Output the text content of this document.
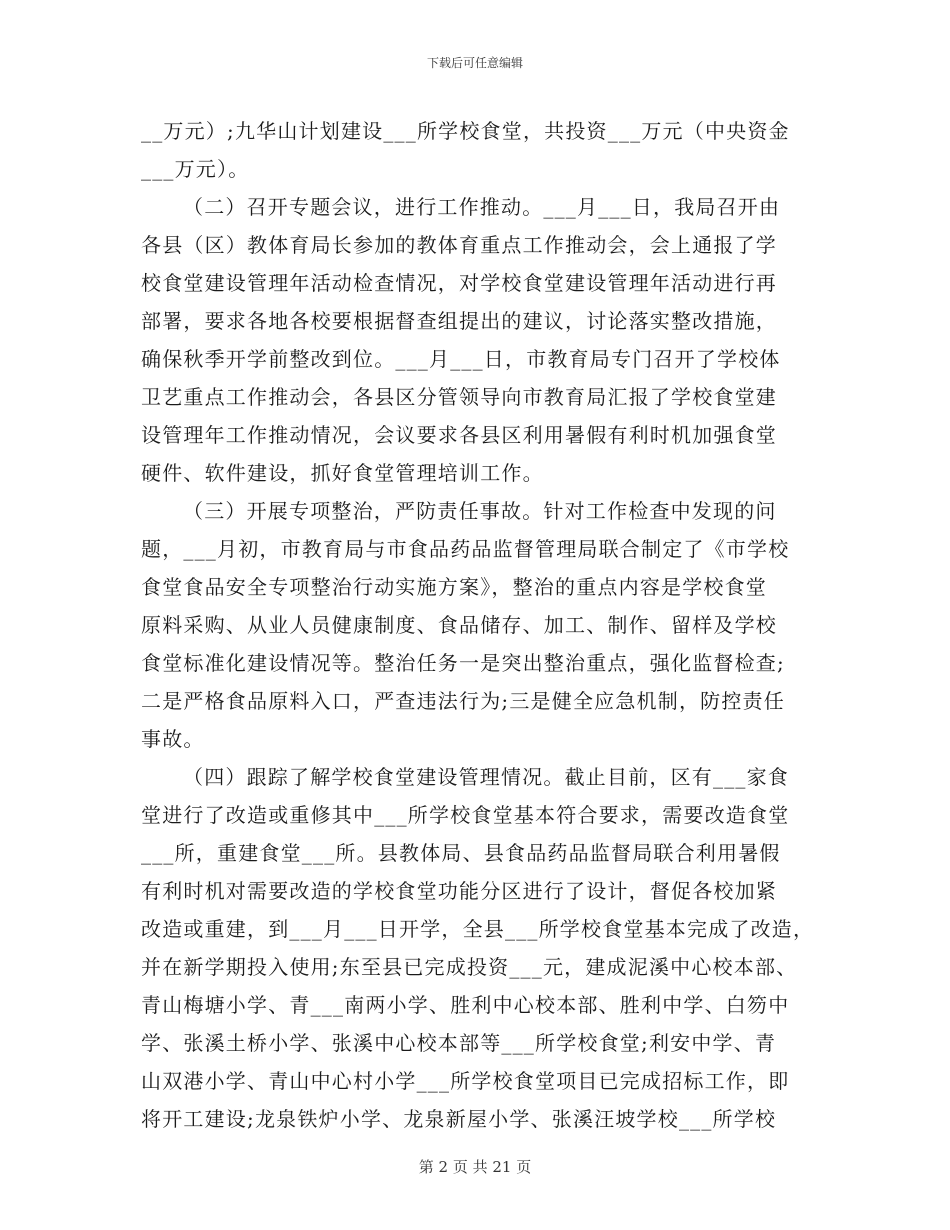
下载后可任意编辑
__万元）;九华山计划建设___所学校食堂，共投资___万元（中央资金
___万元）。
（二）召开专题会议，进行工作推动。___月___日，我局召开由
各县（区）教体育局长参加的教体育重点工作推动会，会上通报了学
校食堂建设管理年活动检查情况，对学校食堂建设管理年活动进行再
部署，要求各地各校要根据督查组提出的建议，讨论落实整改措施，
确保秋季开学前整改到位。___月___日，市教育局专门召开了学校体
卫艺重点工作推动会，各县区分管领导向市教育局汇报了学校食堂建
设管理年工作推动情况，会议要求各县区利用暑假有利时机加强食堂
硬件、软件建设，抓好食堂管理培训工作。
（三）开展专项整治，严防责任事故。针对工作检查中发现的问
题，___月初，市教育局与市食品药品监督管理局联合制定了《市学校
食堂食品安全专项整治行动实施方案》，整治的重点内容是学校食堂
原料采购、从业人员健康制度、食品储存、加工、制作、留样及学校
食堂标准化建设情况等。整治任务一是突出整治重点，强化监督检查;
二是严格食品原料入口，严查违法行为;三是健全应急机制，防控责任
事故。
（四）跟踪了解学校食堂建设管理情况。截止目前，区有___家食
堂进行了改造或重修其中___所学校食堂基本符合要求，需要改造食堂
___所，重建食堂___所。县教体局、县食品药品监督局联合利用暑假
有利时机对需要改造的学校食堂功能分区进行了设计，督促各校加紧
改造或重建，到___月___日开学，全县___所学校食堂基本完成了改造，
并在新学期投入使用;东至县已完成投资___元，建成泥溪中心校本部、
青山梅塘小学、青___南两小学、胜利中心校本部、胜利中学、白笏中
学、张溪土桥小学、张溪中心校本部等___所学校食堂;利安中学、青
山双港小学、青山中心村小学___所学校食堂项目已完成招标工作，即
将开工建设;龙泉铁炉小学、龙泉新屋小学、张溪汪坡学校___所学校
第 2 页 共 21 页
